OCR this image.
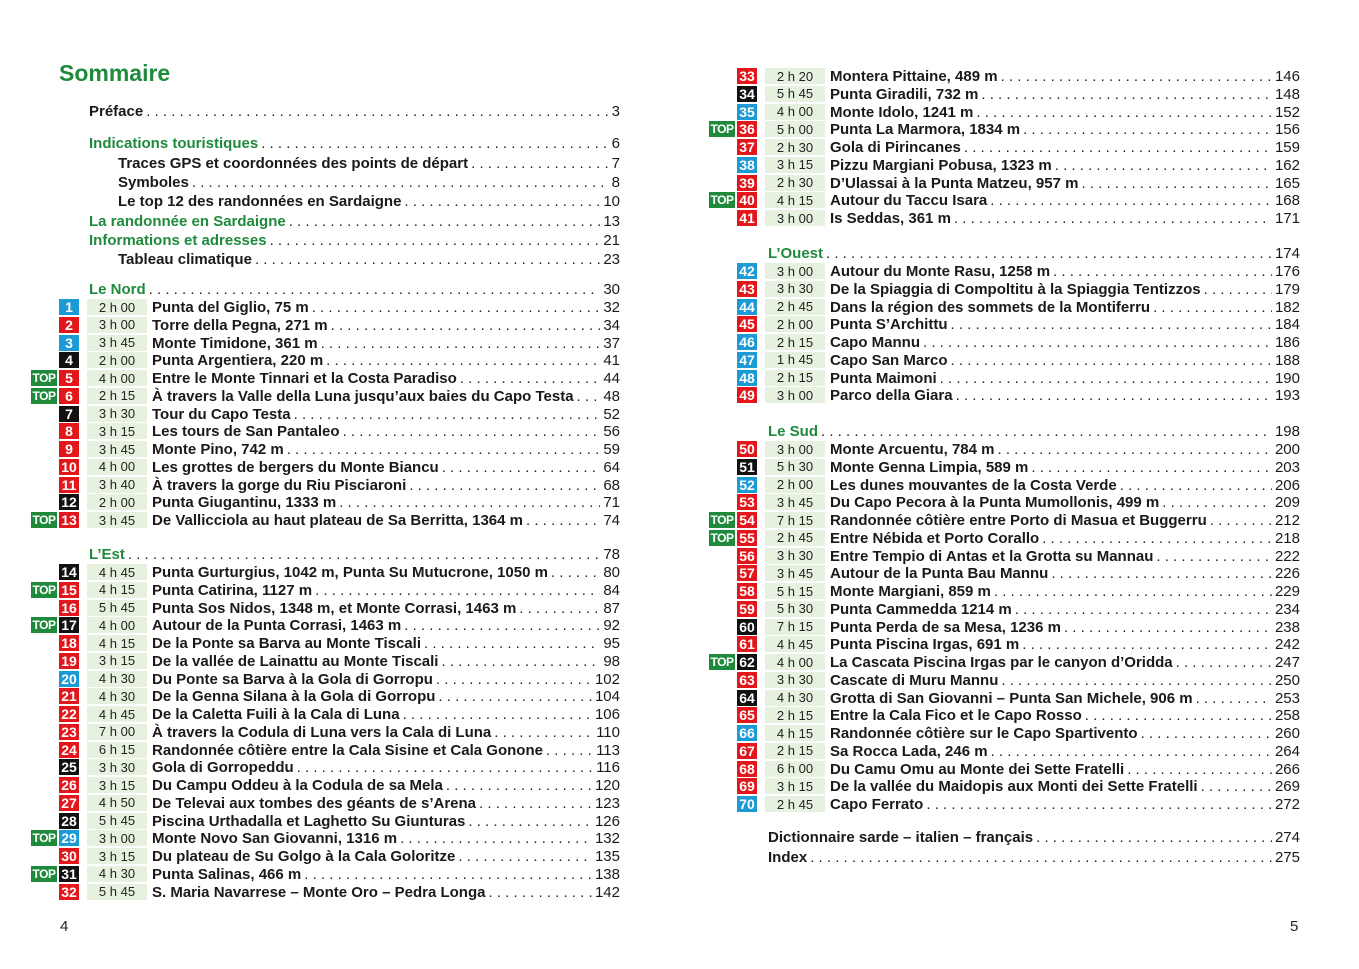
Sommaire
Préface . . .	3
Indications touristiques . . .	6
Traces GPS et coordonnées des points de départ . . .	7
Symboles . . .	8
Le top 12 des randonnées en Sardaigne . . .	10
La randonnée en Sardaigne . . .	13
Informations et adresses . . .	21
Tableau climatique . . .	23
Le Nord . . .	30
L’Est . . .	78
1	2 h 00	Punta del Giglio, 75 m . . .	32
2	3 h 00	Torre della Pegna, 271 m . . .	34
3	3 h 45	Monte Timidone, 361 m . . .	37
4	2 h 00	Punta Argentiera, 220 m . . .	41
TOP 5	4 h 00	Entre le Monte Tinnari et la Costa Paradiso . . .	44
TOP 6	2 h 15	À travers la Valle della Luna jusqu’aux baies du Capo Testa . . . 48
7	3 h 30	Tour du Capo Testa . . .	52
8	3 h 15	Les tours de San Pantaleo . . .	56
9	3 h 45	Monte Pino, 742 m . . .	59
10	4 h 00	Les grottes de bergers du Monte Biancu . . .	64
11	3 h 40	À travers la gorge du Riu Pisciaroni . . .	68
12	2 h 00	Punta Giugantinu, 1333 m . . .	71
TOP 13	3 h 45	De Vallicciola au haut plateau de Sa Berritta, 1364 m . . .	74
14	4 h 45	Punta Gurturgius, 1042 m, Punta Su Mutucrone, 1050 m . . .	80
TOP 15	4 h 15	Punta Catirina, 1127 m . . .	84
16	5 h 45	Punta Sos Nidos, 1348 m, et Monte Corrasi, 1463 m . . .	87
TOP 17	4 h 00	Autour de la Punta Corrasi, 1463 m . . .	92
18	4 h 15	De la Ponte sa Barva au Monte Tiscali . . .	95
19	3 h 15	De la vallée de Lainattu au Monte Tiscali . . .	98
20	4 h 30	Du Ponte sa Barva à la Gola di Gorropu . . .	102
21	4 h 30	De la Genna Silana à la Gola di Gorropu . . .	104
22	4 h 45	De la Caletta Fuili à la Cala di Luna . . .	106
23	7 h 00	À travers la Codula di Luna vers la Cala di Luna . . .	110
24	6 h 15	Randonnée côtière entre la Cala Sisine et Cala Gonone . . .	113
25	3 h 30	Gola di Gorropeddu . . .	116
26	3 h 15	Du Campu Oddeu à la Codula de sa Mela . . .	120
27	4 h 50	De Televai aux tombes des géants de s’Arena . . .	123
28	5 h 45	Piscina Urthadalla et Laghetto Su Giunturas . . .	126
TOP 29	3 h 00	Monte Novo San Giovanni, 1316 m . . .	132
30	3 h 15	Du plateau de Su Golgo à la Cala Goloritze . . .	135
TOP 31	4 h 30	Punta Salinas, 466 m . . .	138
32	5 h 45	S. Maria Navarrese – Monte Oro – Pedra Longa . . .	142
4
33	2 h 20	Montera Pittaine, 489 m . . .	146
34	5 h 45	Punta Giradili, 732 m . . .	148
35	4 h 00	Monte Idolo, 1241 m . . .	152
TOP 36	5 h 00	Punta La Marmora, 1834 m . . .	156
37	2 h 30	Gola di Pirincanes . . .	159
38	3 h 15	Pizzu Margiani Pobusa, 1323 m . . .	162
39	2 h 30	D’Ulassai à la Punta Matzeu, 957 m . . .	165
TOP 40	4 h 15	Autour du Taccu Isara . . .	168
41	3 h 00	Is Seddas, 361 m . . .	171
42	3 h 00	Autour du Monte Rasu, 1258 m . . .	176
43	3 h 30	De la Spiaggia di Compoltitu à la Spiaggia Tentizzos . . .	179
44	2 h 45	Dans la région des sommets de la Montiferru . . .	182
45	2 h 00	Punta S’Archittu . . .	184
46	2 h 15	Capo Mannu . . .	186
47	1 h 45	Capo San Marco . . .	188
48	2 h 15	Punta Maimoni . . .	190
49	3 h 00	Parco della Giara . . .	193
50	3 h 00	Monte Arcuentu, 784 m . . .	200
51	5 h 30	Monte Genna Limpia, 589 m . . .	203
52	2 h 00	Les dunes mouvantes de la Costa Verde . . .	206
53	3 h 45	Du Capo Pecora à la Punta Mumollonis, 499 m . . .	209
TOP 54	7 h 15	Randonnée côtière entre Porto di Masua et Buggerru . . .	212
TOP 55	2 h 45	Entre Nébida et Porto Corallo . . .	218
56	3 h 30	Entre Tempio di Antas et la Grotta su Mannau . . .	222
57	3 h 45	Autour de la Punta Bau Mannu . . .	226
58	5 h 15	Monte Margiani, 859 m . . .	229
59	5 h 30	Punta Cammedda 1214 m . . .	234
60	7 h 15	Punta Perda de sa Mesa, 1236 m . . .	238
61	4 h 45	Punta Piscina Irgas, 691 m . . .	242
TOP 62	4 h 00	La Cascata Piscina Irgas par le canyon d’Oridda . . .	247
63	3 h 30	Cascate di Muru Mannu . . .	250
64	4 h 30	Grotta di San Giovanni – Punta San Michele, 906 m . . .	253
65	2 h 15	Entre la Cala Fico et le Capo Rosso . . .	258
66	4 h 15	Randonnée côtière sur le Capo Spartivento . . .	260
67	2 h 15	Sa Rocca Lada, 246 m . . .	264
68	6 h 00	Du Camu Omu au Monte dei Sette Fratelli . . .	266
69	3 h 15	De la vallée du Maidopis aux Monti dei Sette Fratelli . . .	269
70	2 h 45	Capo Ferrato . . .	272
L’Ouest . . .	174
Le Sud . . .	198
Dictionnaire sarde – italien – français . . .	274
Index . . .	275
5
